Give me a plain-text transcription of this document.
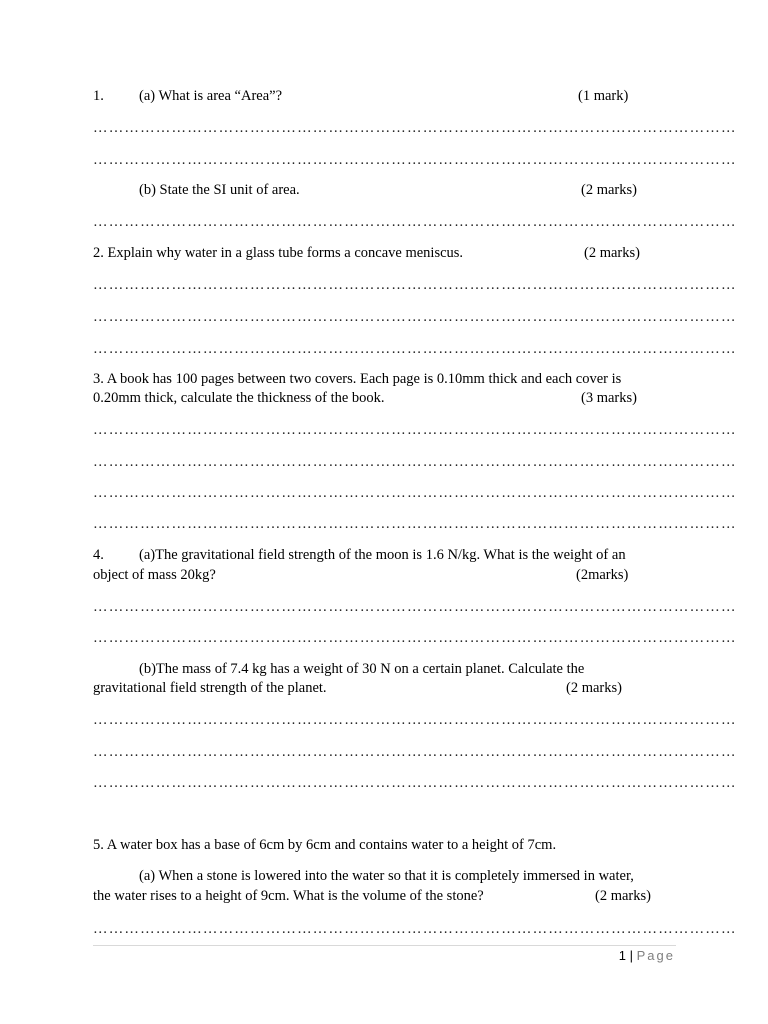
1. (a) What is area “Area”?	(1 mark)
……………………………………………………………………………………………………………
……………………………………………………………………………………………………………
(b) State the SI unit of area.	(2 marks)
……………………………………………………………………………………………………………
2. Explain why water in a glass tube forms a concave meniscus.	(2 marks)
……………………………………………………………………………………………………………
……………………………………………………………………………………………………………
……………………………………………………………………………………………………………
3. A book has 100 pages between two covers. Each page is 0.10mm thick and each cover is
0.20mm thick, calculate the thickness of the book.	(3 marks)
……………………………………………………………………………………………………………
……………………………………………………………………………………………………………
……………………………………………………………………………………………………………
……………………………………………………………………………………………………………
4. (a)The gravitational field strength of the moon is 1.6 N/kg. What is the weight of an
object of mass 20kg?	(2marks)
……………………………………………………………………………………………………………
……………………………………………………………………………………………………………
(b)The mass of 7.4 kg has a weight of 30 N on a certain planet. Calculate the
gravitational field strength of the planet.	(2 marks)
……………………………………………………………………………………………………………
……………………………………………………………………………………………………………
……………………………………………………………………………………………………………
5. A water box has a base of 6cm by 6cm and contains water to a height of 7cm.
(a) When a stone is lowered into the water so that it is completely immersed in water,
the water rises to a height of 9cm. What is the volume of the stone?	(2 marks)
……………………………………………………………………………………………………………
1 | Page
